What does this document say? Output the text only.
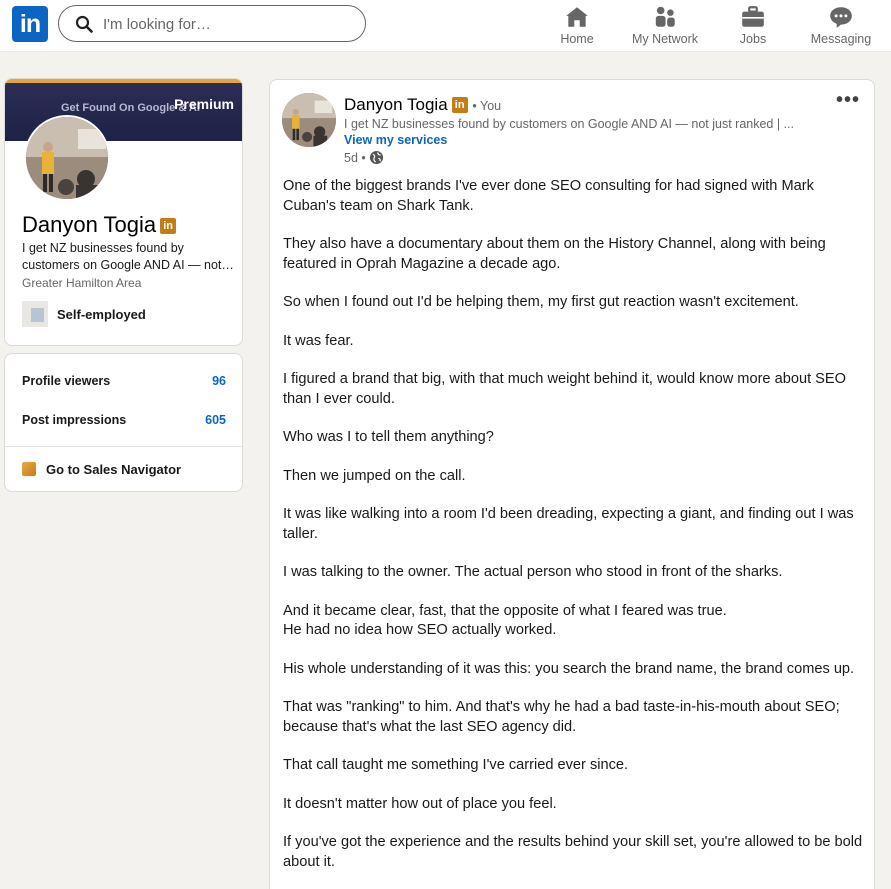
in
I'm looking for…
Home	My Network	Jobs	Messaging
Get Found On Google & AI
Premium
Danyon Togia in
I get NZ businesses found by customers on Google AND AI — not…
Greater Hamilton Area
Self-employed
Profile viewers	96
Post impressions	605
Go to Sales Navigator
Danyon Togia in • You
I get NZ businesses found by customers on Google AND AI — not just ranked | ...
View my services
5d •
•••

One of the biggest brands I've ever done SEO consulting for had signed with Mark Cuban's team on Shark Tank.

They also have a documentary about them on the History Channel, along with being featured in Oprah Magazine a decade ago.

So when I found out I'd be helping them, my first gut reaction wasn't excitement.

It was fear.

I figured a brand that big, with that much weight behind it, would know more about SEO than I ever could.

Who was I to tell them anything?

Then we jumped on the call.

It was like walking into a room I'd been dreading, expecting a giant, and finding out I was taller.

I was talking to the owner. The actual person who stood in front of the sharks.

And it became clear, fast, that the opposite of what I feared was true.
He had no idea how SEO actually worked.

His whole understanding of it was this: you search the brand name, the brand comes up.

That was "ranking" to him. And that's why he had a bad taste-in-his-mouth about SEO; because that's what the last SEO agency did.

That call taught me something I've carried ever since.

It doesn't matter how out of place you feel.

If you've got the experience and the results behind your skill set, you're allowed to be bold about it.
